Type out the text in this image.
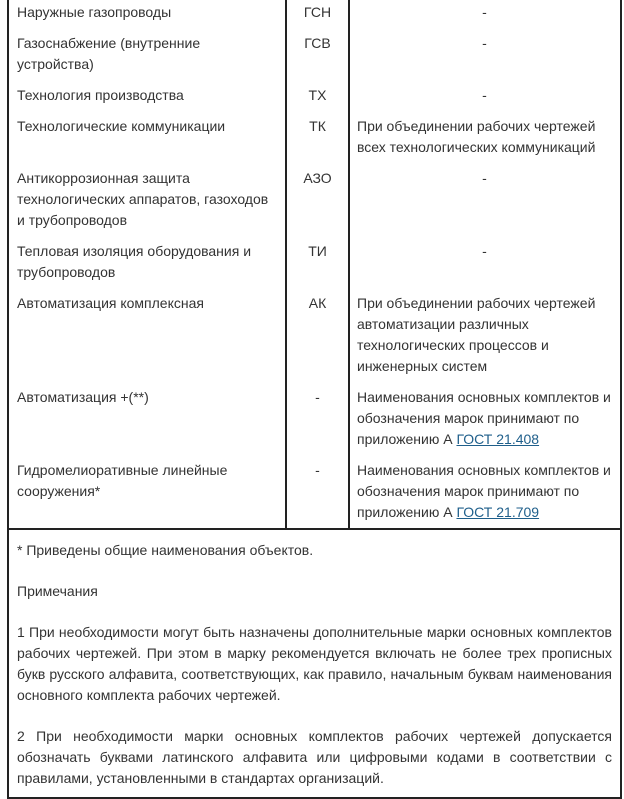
Наружные газопроводы	ГСН	-
Газоснабжение (внутренние устройства)	ГСВ	-
Технология производства	ТХ	-
Технологические коммуникации	ТК	При объединении рабочих чертежей всех технологических коммуникаций
Антикоррозионная защита технологических аппаратов, газоходов и трубопроводов	АЗО	-
Тепловая изоляция оборудования и трубопроводов	ТИ	-
Автоматизация комплексная	АК	При объединении рабочих чертежей автоматизации различных технологических процессов и инженерных систем
Автоматизация +(**)	-	Наименования основных комплектов и обозначения марок принимают по приложению А ГОСТ 21.408
Гидромелиоративные линейные сооружения*	-	Наименования основных комплектов и обозначения марок принимают по приложению А ГОСТ 21.709

* Приведены общие наименования объектов.

Примечания

1 При необходимости могут быть назначены дополнительные марки основных комплектов рабочих чертежей. При этом в марку рекомендуется включать не более трех прописных букв русского алфавита, соответствующих, как правило, начальным буквам наименования основного комплекта рабочих чертежей.

2 При необходимости марки основных комплектов рабочих чертежей допускается обозначать буквами латинского алфавита или цифровыми кодами в соответствии с правилами, установленными в стандартах организаций.		
